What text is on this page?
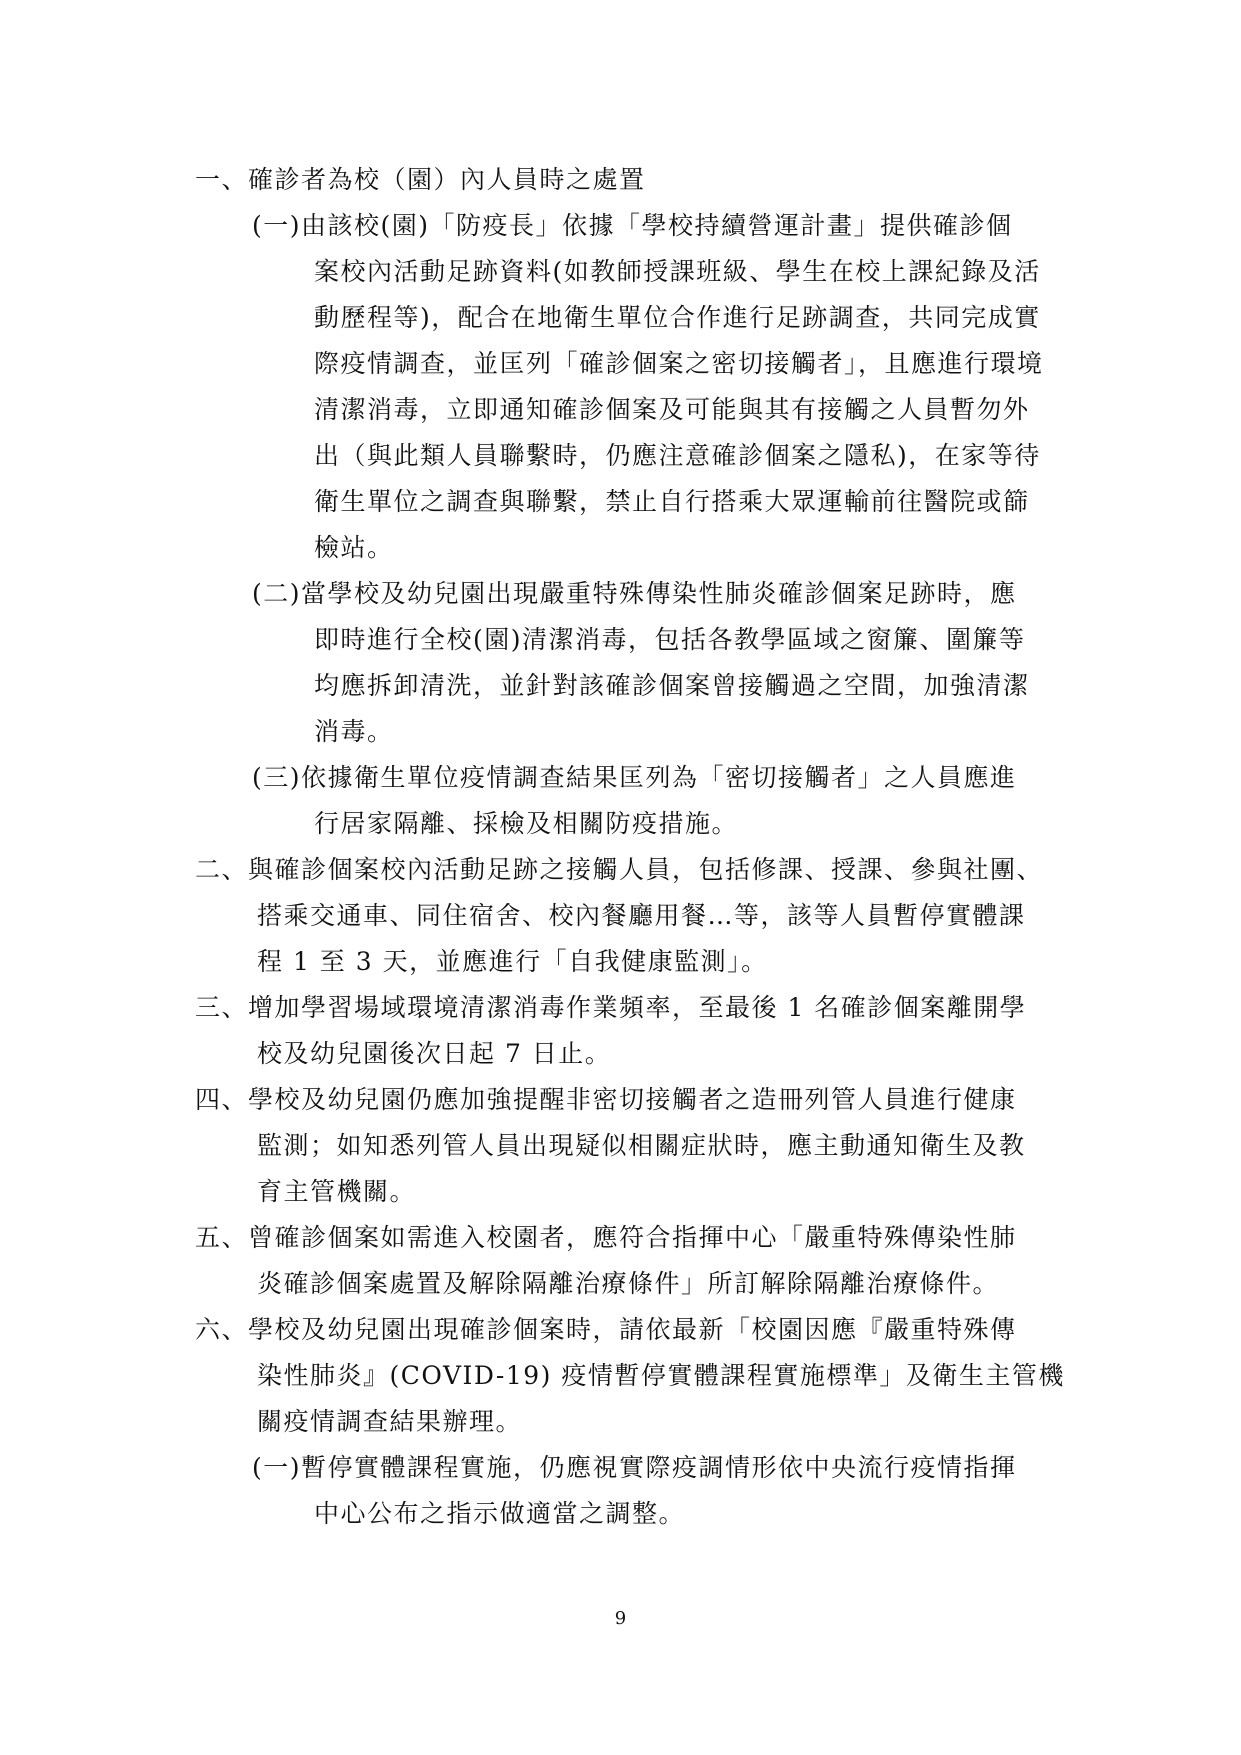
一、確診者為校（園）內人員時之處置
(一)由該校(園)「防疫長」依據「學校持續營運計畫」提供確診個
案校內活動足跡資料(如教師授課班級、學生在校上課紀錄及活
動歷程等)，配合在地衛生單位合作進行足跡調查，共同完成實
際疫情調查，並匡列「確診個案之密切接觸者」，且應進行環境
清潔消毒，立即通知確診個案及可能與其有接觸之人員暫勿外
出（與此類人員聯繫時，仍應注意確診個案之隱私)，在家等待
衛生單位之調查與聯繫，禁止自行搭乘大眾運輸前往醫院或篩
檢站。
(二)當學校及幼兒園出現嚴重特殊傳染性肺炎確診個案足跡時，應
即時進行全校(園)清潔消毒，包括各教學區域之窗簾、圍簾等
均應拆卸清洗，並針對該確診個案曾接觸過之空間，加強清潔
消毒。
(三)依據衛生單位疫情調查結果匡列為「密切接觸者」之人員應進
行居家隔離、採檢及相關防疫措施。
二、與確診個案校內活動足跡之接觸人員，包括修課、授課、參與社團、
搭乘交通車、同住宿舍、校內餐廳用餐…等，該等人員暫停實體課
程 1 至 3 天，並應進行「自我健康監測」。
三、增加學習場域環境清潔消毒作業頻率，至最後 1 名確診個案離開學
校及幼兒園後次日起 7 日止。
四、學校及幼兒園仍應加強提醒非密切接觸者之造冊列管人員進行健康
監測；如知悉列管人員出現疑似相關症狀時，應主動通知衛生及教
育主管機關。
五、曾確診個案如需進入校園者，應符合指揮中心「嚴重特殊傳染性肺
炎確診個案處置及解除隔離治療條件」所訂解除隔離治療條件。
六、學校及幼兒園出現確診個案時，請依最新「校園因應『嚴重特殊傳
染性肺炎』(COVID-19) 疫情暫停實體課程實施標準」及衛生主管機
關疫情調查結果辦理。
(一)暫停實體課程實施，仍應視實際疫調情形依中央流行疫情指揮
中心公布之指示做適當之調整。
9
